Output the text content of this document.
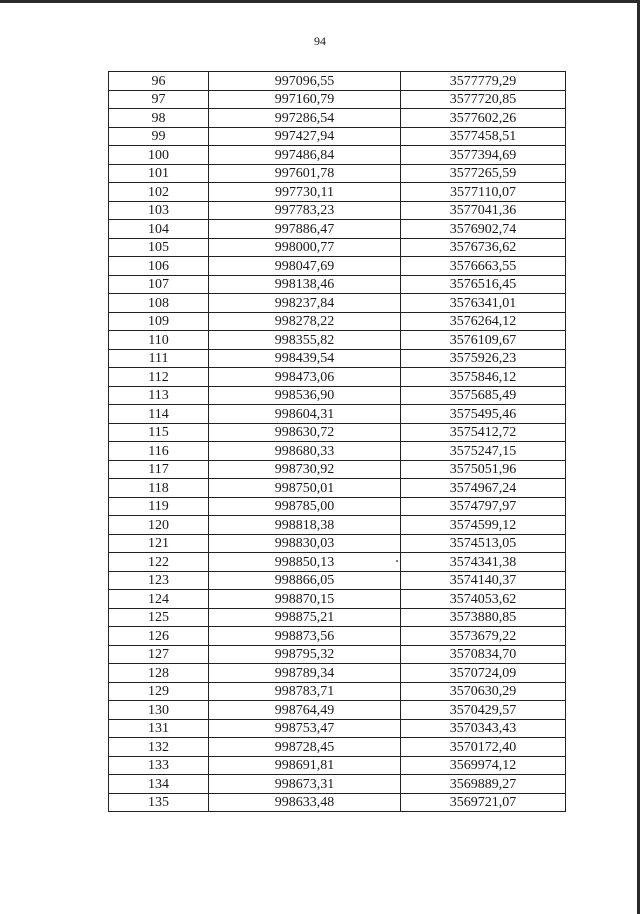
94
96	997096,55	3577779,29
97	997160,79	3577720,85
98	997286,54	3577602,26
99	997427,94	3577458,51
100	997486,84	3577394,69
101	997601,78	3577265,59
102	997730,11	3577110,07
103	997783,23	3577041,36
104	997886,47	3576902,74
105	998000,77	3576736,62
106	998047,69	3576663,55
107	998138,46	3576516,45
108	998237,84	3576341,01
109	998278,22	3576264,12
110	998355,82	3576109,67
111	998439,54	3575926,23
112	998473,06	3575846,12
113	998536,90	3575685,49
114	998604,31	3575495,46
115	998630,72	3575412,72
116	998680,33	3575247,15
117	998730,92	3575051,96
118	998750,01	3574967,24
119	998785,00	3574797,97
120	998818,38	3574599,12
121	998830,03	3574513,05
122	998850,13	3574341,38
123	998866,05	3574140,37
124	998870,15	3574053,62
125	998875,21	3573880,85
126	998873,56	3573679,22
127	998795,32	3570834,70
128	998789,34	3570724,09
129	998783,71	3570630,29
130	998764,49	3570429,57
131	998753,47	3570343,43
132	998728,45	3570172,40
133	998691,81	3569974,12
134	998673,31	3569889,27
135	998633,48	3569721,07
